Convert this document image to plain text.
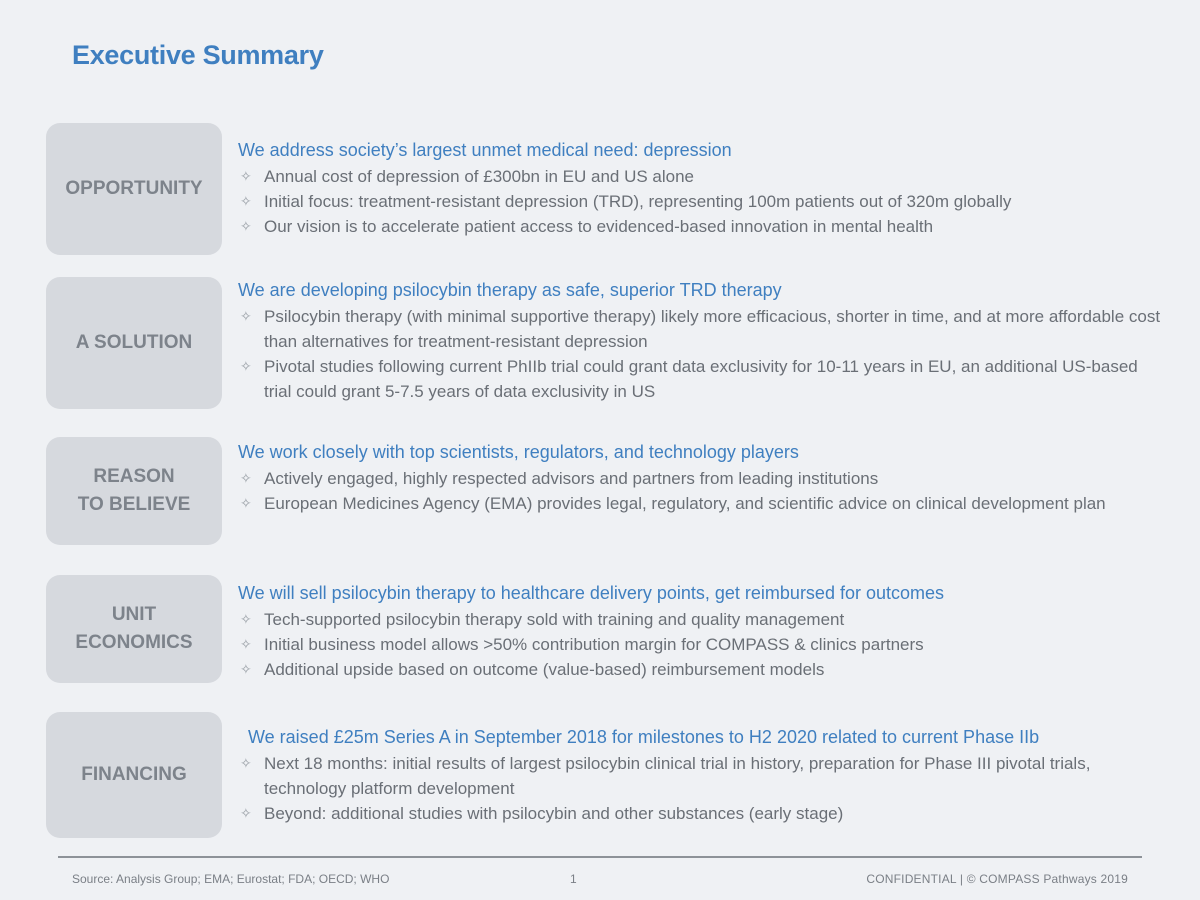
Executive Summary
OPPORTUNITY
We address society’s largest unmet medical need: depression
✧ Annual cost of depression of £300bn in EU and US alone
✧ Initial focus: treatment-resistant depression (TRD), representing 100m patients out of 320m globally
✧ Our vision is to accelerate patient access to evidenced-based innovation in mental health
A SOLUTION
We are developing psilocybin therapy as safe, superior TRD therapy
✧ Psilocybin therapy (with minimal supportive therapy) likely more efficacious, shorter in time, and at more affordable cost than alternatives for treatment-resistant depression
✧ Pivotal studies following current PhIIb trial could grant data exclusivity for 10-11 years in EU, an additional US-based trial could grant 5-7.5 years of data exclusivity in US
REASON
TO BELIEVE
We work closely with top scientists, regulators, and technology players
✧ Actively engaged, highly respected advisors and partners from leading institutions
✧ European Medicines Agency (EMA) provides legal, regulatory, and scientific advice on clinical development plan
UNIT
ECONOMICS
We will sell psilocybin therapy to healthcare delivery points, get reimbursed for outcomes
✧ Tech-supported psilocybin therapy sold with training and quality management
✧ Initial business model allows >50% contribution margin for COMPASS & clinics partners
✧ Additional upside based on outcome (value-based) reimbursement models
FINANCING
We raised £25m Series A in September 2018 for milestones to H2 2020 related to current Phase IIb
✧ Next 18 months: initial results of largest psilocybin clinical trial in history, preparation for Phase III pivotal trials, technology platform development
✧ Beyond: additional studies with psilocybin and other substances (early stage)
Source: Analysis Group; EMA; Eurostat; FDA; OECD; WHO	1	CONFIDENTIAL | © COMPASS Pathways 2019
